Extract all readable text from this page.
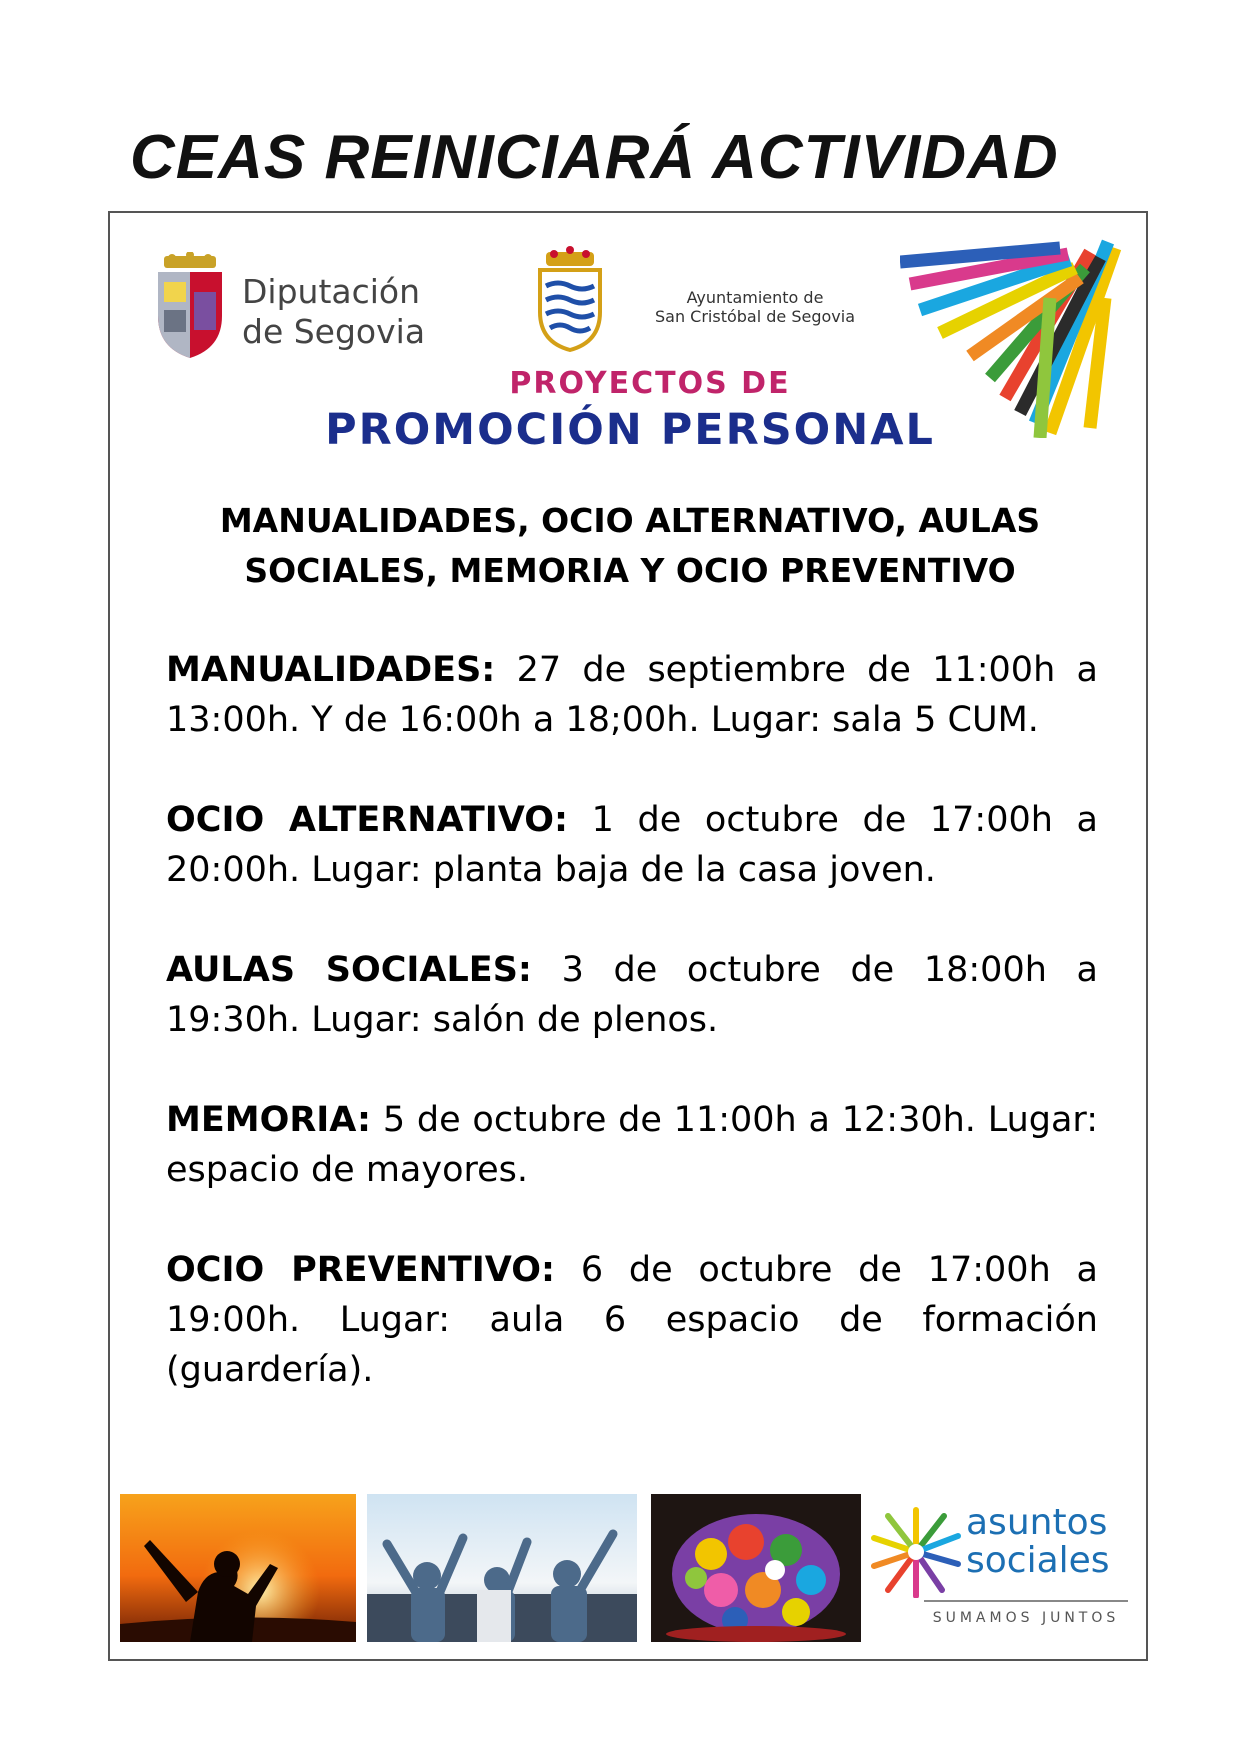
CEAS REINICIARÁ ACTIVIDAD
Diputación
de Segovia
Ayuntamiento de
San Cristóbal de Segovia
PROYECTOS DE
PROMOCIÓN PERSONAL
MANUALIDADES, OCIO ALTERNATIVO, AULAS
SOCIALES, MEMORIA Y OCIO PREVENTIVO

MANUALIDADES: 27 de septiembre de 11:00h a 13:00h. Y de 16:00h a 18;00h. Lugar: sala 5 CUM.

OCIO ALTERNATIVO: 1 de octubre de 17:00h a 20:00h. Lugar: planta baja de la casa joven.

AULAS SOCIALES: 3 de octubre de 18:00h a 19:30h. Lugar: salón de plenos.

MEMORIA: 5 de octubre de 11:00h a 12:30h. Lugar: espacio de mayores.

OCIO PREVENTIVO: 6 de octubre de 17:00h a 19:00h. Lugar: aula 6 espacio de formación (guardería).

asuntos
sociales
SUMAMOS JUNTOS
